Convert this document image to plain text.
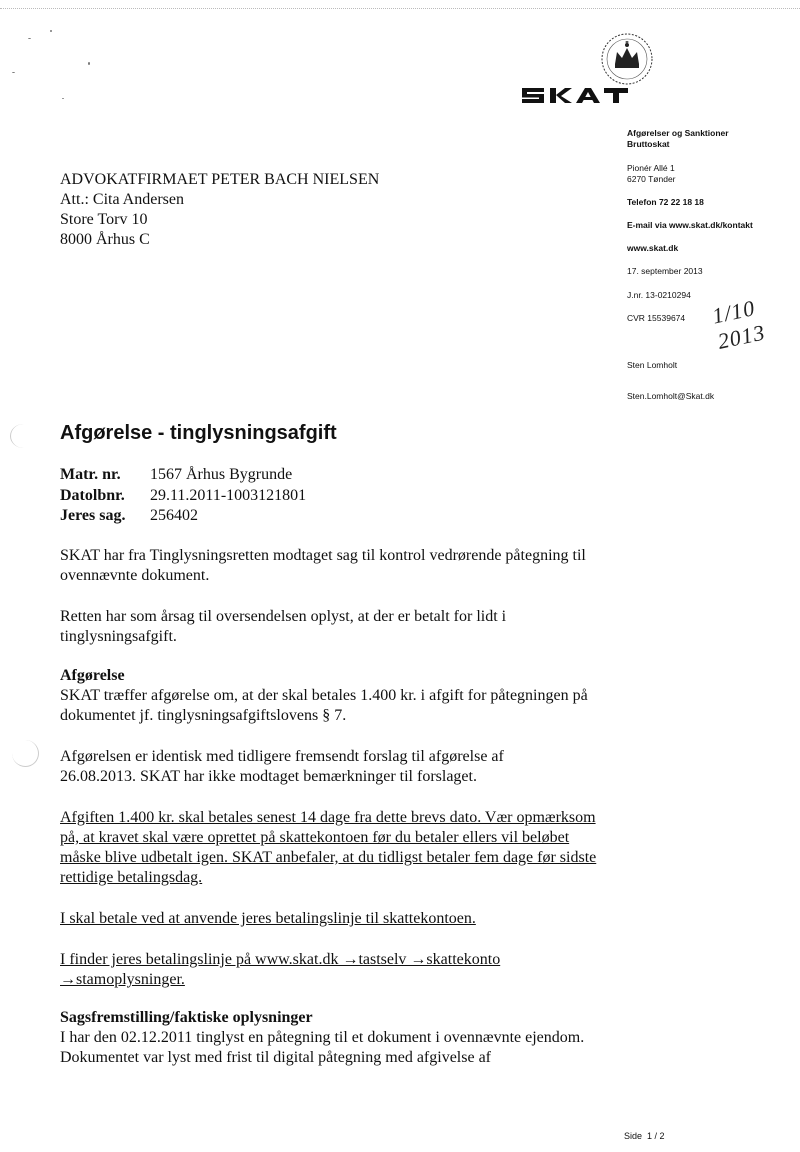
ADVOKATFIRMAET PETER BACH NIELSEN
Att.: Cita Andersen
Store Torv 10
8000 Århus C
Afgørelser og Sanktioner
Bruttoskat
Pionér Allé 1
6270 Tønder
Telefon 72 22 18 18
E-mail via www.skat.dk/kontakt
www.skat.dk
17. september 2013
J.nr. 13-0210294
CVR 15539674
Sten Lomholt
Sten.Lomholt@Skat.dk
1/10 2013
Afgørelse - tinglysningsafgift
Matr. nr. 1567 Århus Bygrunde
Datolbnr. 29.11.2011-1003121801
Jeres sag. 256402
SKAT har fra Tinglysningsretten modtaget sag til kontrol vedrørende påtegning til ovennævnte dokument.
Retten har som årsag til oversendelsen oplyst, at der er betalt for lidt i tinglysningsafgift.
Afgørelse
SKAT træffer afgørelse om, at der skal betales 1.400 kr. i afgift for påtegningen på dokumentet jf. tinglysningsafgiftslovens § 7.
Afgørelsen er identisk med tidligere fremsendt forslag til afgørelse af 26.08.2013. SKAT har ikke modtaget bemærkninger til forslaget.
Afgiften 1.400 kr. skal betales senest 14 dage fra dette brevs dato. Vær opmærksom på, at kravet skal være oprettet på skattekontoen før du betaler ellers vil beløbet måske blive udbetalt igen. SKAT anbefaler, at du tidligst betaler fem dage før sidste rettidige betalingsdag.
I skal betale ved at anvende jeres betalingslinje til skattekontoen.
I finder jeres betalingslinje på www.skat.dk →tastselv →skattekonto →stamoplysninger.
Sagsfremstilling/faktiske oplysninger
I har den 02.12.2011 tinglyst en påtegning til et dokument i ovennævnte ejendom. Dokumentet var lyst med frist til digital påtegning med afgivelse af
Side  1 / 2
